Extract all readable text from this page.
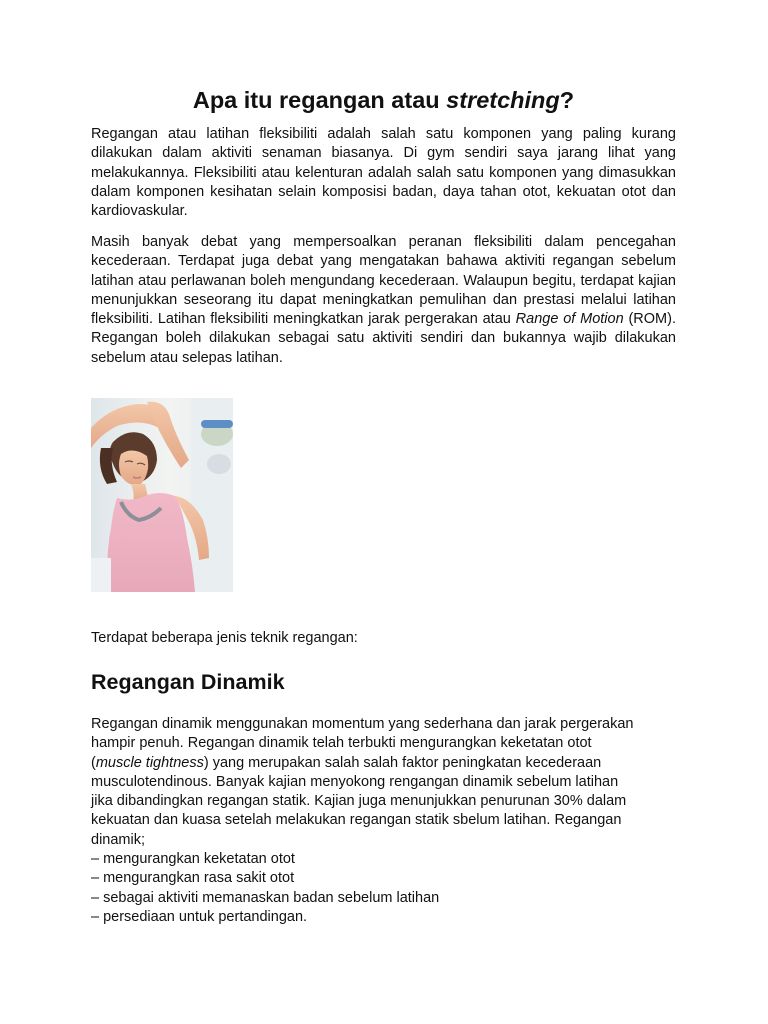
Apa itu regangan atau stretching?

Regangan atau latihan fleksibiliti adalah salah satu komponen yang paling kurang dilakukan dalam aktiviti senaman biasanya. Di gym sendiri saya jarang lihat yang melakukannya. Fleksibiliti atau kelenturan adalah salah satu komponen yang dimasukkan dalam komponen kesihatan selain komposisi badan, daya tahan otot, kekuatan otot dan kardiovaskular.

Masih banyak debat yang mempersoalkan peranan fleksibiliti dalam pencegahan kecederaan. Terdapat juga debat yang mengatakan bahawa aktiviti regangan sebelum latihan atau perlawanan boleh mengundang kecederaan. Walaupun begitu, terdapat kajian menunjukkan seseorang itu dapat meningkatkan pemulihan dan prestasi melalui latihan fleksibiliti. Latihan fleksibiliti meningkatkan jarak pergerakan atau Range of Motion (ROM). Regangan boleh dilakukan sebagai satu aktiviti sendiri dan bukannya wajib dilakukan sebelum atau selepas latihan.

Terdapat beberapa jenis teknik regangan:

Regangan Dinamik

Regangan dinamik menggunakan momentum yang sederhana dan jarak pergerakan

hampir penuh. Regangan dinamik telah terbukti mengurangkan keketatan otot

(muscle tightness) yang merupakan salah salah faktor peningkatan kecederaan

musculotendinous. Banyak kajian menyokong rengangan dinamik sebelum latihan

jika dibandingkan regangan statik. Kajian juga menunjukkan penurunan 30% dalam

kekuatan dan kuasa setelah melakukan regangan statik sbelum latihan. Regangan

dinamik;

– mengurangkan keketatan otot
– mengurangkan rasa sakit otot
– sebagai aktiviti memanaskan badan sebelum latihan
– persediaan untuk pertandingan.
